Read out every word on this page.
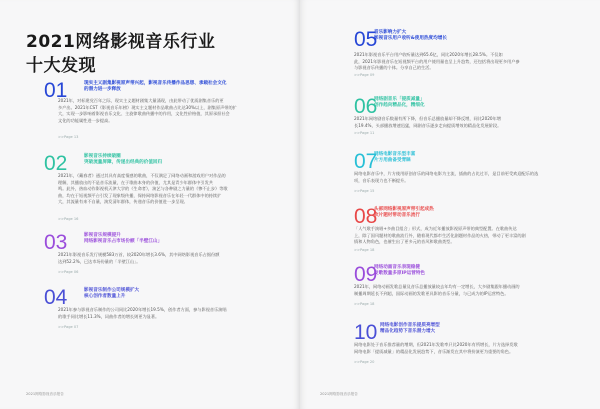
2021网络影视音乐行业
十大发现
01	现实主义剧集影视原声带兴起，影视音乐传播作品思想、承载社会文化
的潜力进一步释放
2021年，对标建党百年之际，现实主义题材剧集大量涌现，由此带动了优质剧集音乐的更
多产出。2021年CST《影视音乐年榜》现实主义题材作品歌曲占比达30%以上，剧集原声带的扩
大，实现一步影响着影视音乐文化、主旋律歌曲传播中的作用，文化性价格值，其原承担社会
文化的功能属性进一步提高。
>>Page 13
02	影视音乐持续破圈
突破流量屏障，传递出经典的价值回归
2021年，《藏春者》通过其具有高度情感的歌曲，不仅满足了网络动画和游戏用户对作品的
理解，其播放出的不是音乐流量，在于歌曲本身的价值，尤其是青少年群体中引发共
鸣。此外，热血动作影视机天津大学的《生命者》，演艺与各种剧之力量的《惨不止步》等歌
曲，均在于短视频平台引发了现象级传播，保持网络影视音乐在年轻一代群体中的持续扩
大，其流量有来不自量，演发清年群体，传递音乐的价值进一步呈现。
>>Page 16
03	影视音乐规模提升
网络影视音乐占市场份额「半壁江山」
2021年影视音乐发行规模583万首，较2020年增长3.6%，其中网络影视音乐占据份额
达到52.2%，已达市场份量的「半壁江山」。
>>Page 06
04	影视音乐制作公司规模扩大
核心创作者数量上升
2021年参与影视音乐制作的公司同比2020年增长19.5%，创作者方面，参与影视音乐演唱
的歌手同比增长11.3%，词曲作者的增长则更为显著。
>>Page 07
2021网络影视音乐报告
05
音乐影响力扩大
影视音乐用户收听&使用热度均增长
2021年影视音乐平台用户收听量达到65.6亿，同比2020年增长28.5%。不仅如
此，2021年影视音乐在短视频平台的用户使用量也呈上升趋势，还包括将出现更多用户参
与影视音乐传播的个体。分享自己的生活。
>>Page 09
06
网络剧音乐「提质减量」
创作趋向精品化，精细化
2021年网络剧音乐数量有所下降，但音乐总播放量却不降反增，同比2020年增
长19.4%，头部播放增速迅猛，网剧音乐逐步走向提质增效的精品化发展阶段。
>>Page 11
07
网络电影音乐型丰富
片方用曲备受青睐
网络电影音乐中，片方使用原创音乐的网络电影为主流，插曲的占比过半，是目前更受欢迎配乐的选
项，音乐表现力也不断提升。
>>Page 15
08
头部网络影视原声带引起成热
软片题材带动音乐流行
「人气歌手演唱+多曲目组合」形式，成为近年播放影视原声带的典型配置。在歌曲传达
上，除了国风题材的歌曲流行外，随着现代都市生活化剧题材作品的火热，带动了更丰富的剧
情和人物角色，也催生出了更多元的音风和歌曲类型。
>>Page 18
09
网络动画音乐表现稳健
发歌数量多原IP运营特色
2021年，网络动画发歌总量及音乐总播放量较去年均有一定增长，大多剧集跟年播动画的
制播周期延长不到超，国际动画的发歌更具影的音乐分量，与已成为的IP运营特色。
>>Page 18
10 网络电影创作音乐提质亮增型
精品化趋势下音乐潜力增大
网络电影处于音乐推荐量的增期，但2021年发歌率只比2020年有所增长，片方选择发歌
网络电影「提质减量」的精品化发展趋势下，音乐渐发在其中将扮演更为重要的角色。
>>Page 20
2021网络影视音乐报告
